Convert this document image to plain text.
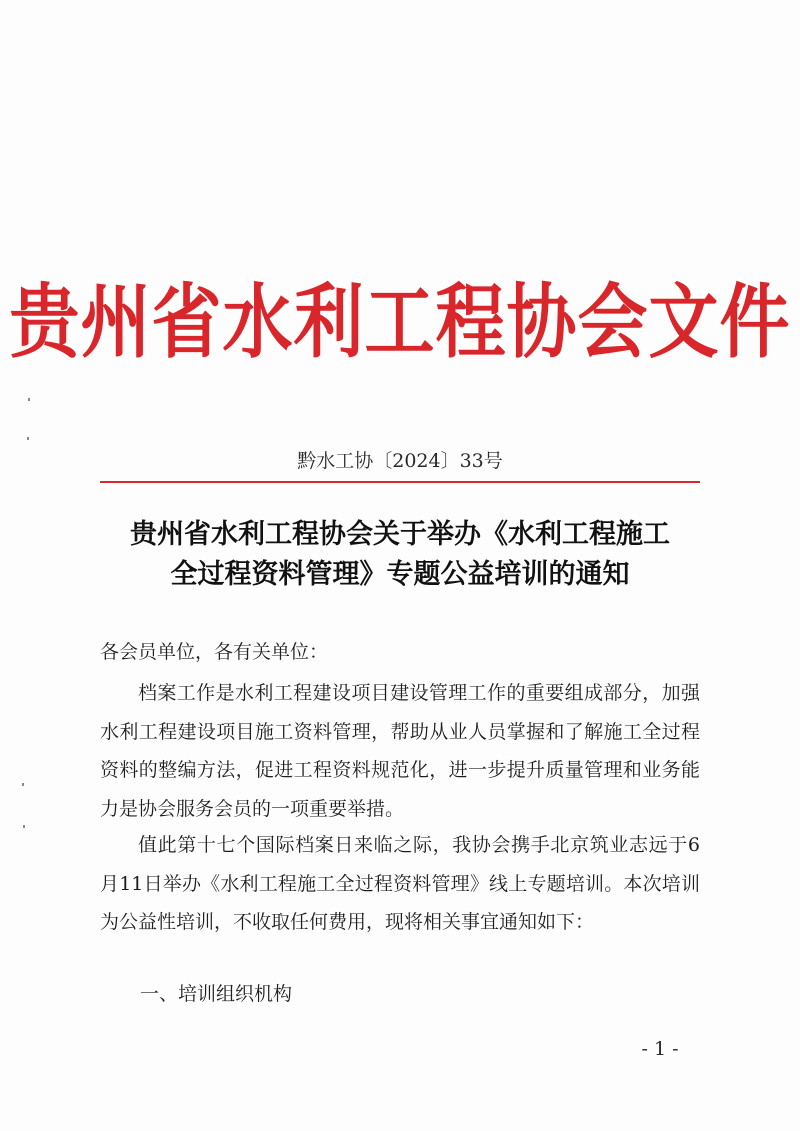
贵州省水利工程协会文件
黔水工协〔2024〕33号
贵州省水利工程协会关于举办《水利工程施工
全过程资料管理》专题公益培训的通知
各会员单位，各有关单位：

档案工作是水利工程建设项目建设管理工作的重要组成部分，加强水利工程建设项目施工资料管理，帮助从业人员掌握和了解施工全过程资料的整编方法，促进工程资料规范化，进一步提升质量管理和业务能力是协会服务会员的一项重要举措。

值此第十七个国际档案日来临之际，我协会携手北京筑业志远于6月11日举办《水利工程施工全过程资料管理》线上专题培训。本次培训为公益性培训，不收取任何费用，现将相关事宜通知如下：

一、培训组织机构
- 1 -
